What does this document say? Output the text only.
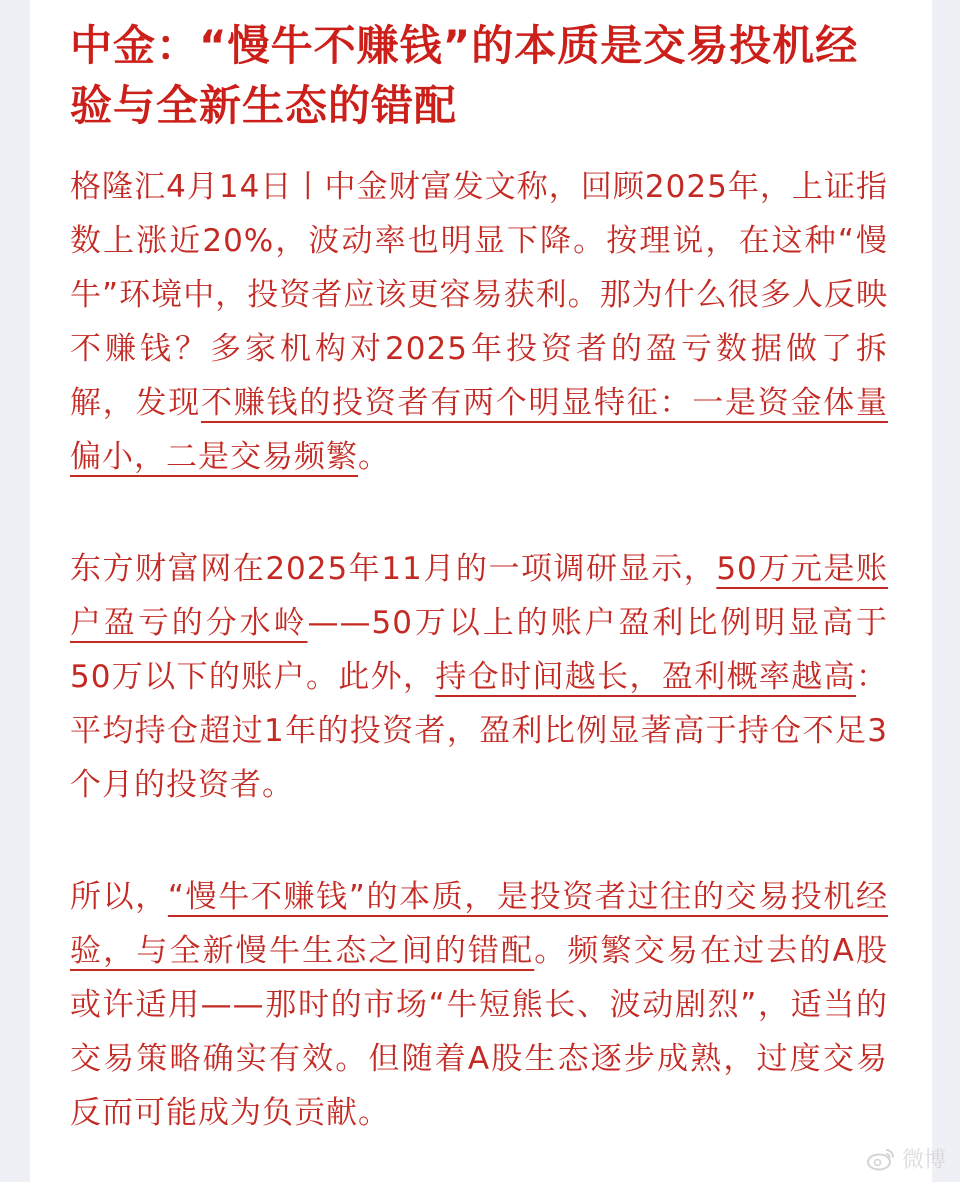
中金：“慢牛不赚钱”的本质是交易投机经验与全新生态的错配

格隆汇4月14日丨中金财富发文称，回顾2025年，上证指数上涨近20%，波动率也明显下降。按理说，在这种“慢牛”环境中，投资者应该更容易获利。那为什么很多人反映不赚钱？多家机构对2025年投资者的盈亏数据做了拆解，发现不赚钱的投资者有两个明显特征：一是资金体量偏小，二是交易频繁。

东方财富网在2025年11月的一项调研显示，50万元是账户盈亏的分水岭——50万以上的账户盈利比例明显高于50万以下的账户。此外，持仓时间越长，盈利概率越高：平均持仓超过1年的投资者，盈利比例显著高于持仓不足3个月的投资者。

所以，“慢牛不赚钱”的本质，是投资者过往的交易投机经验，与全新慢牛生态之间的错配。频繁交易在过去的A股或许适用——那时的市场“牛短熊长、波动剧烈”，适当的交易策略确实有效。但随着A股生态逐步成熟，过度交易反而可能成为负贡献。

微博
